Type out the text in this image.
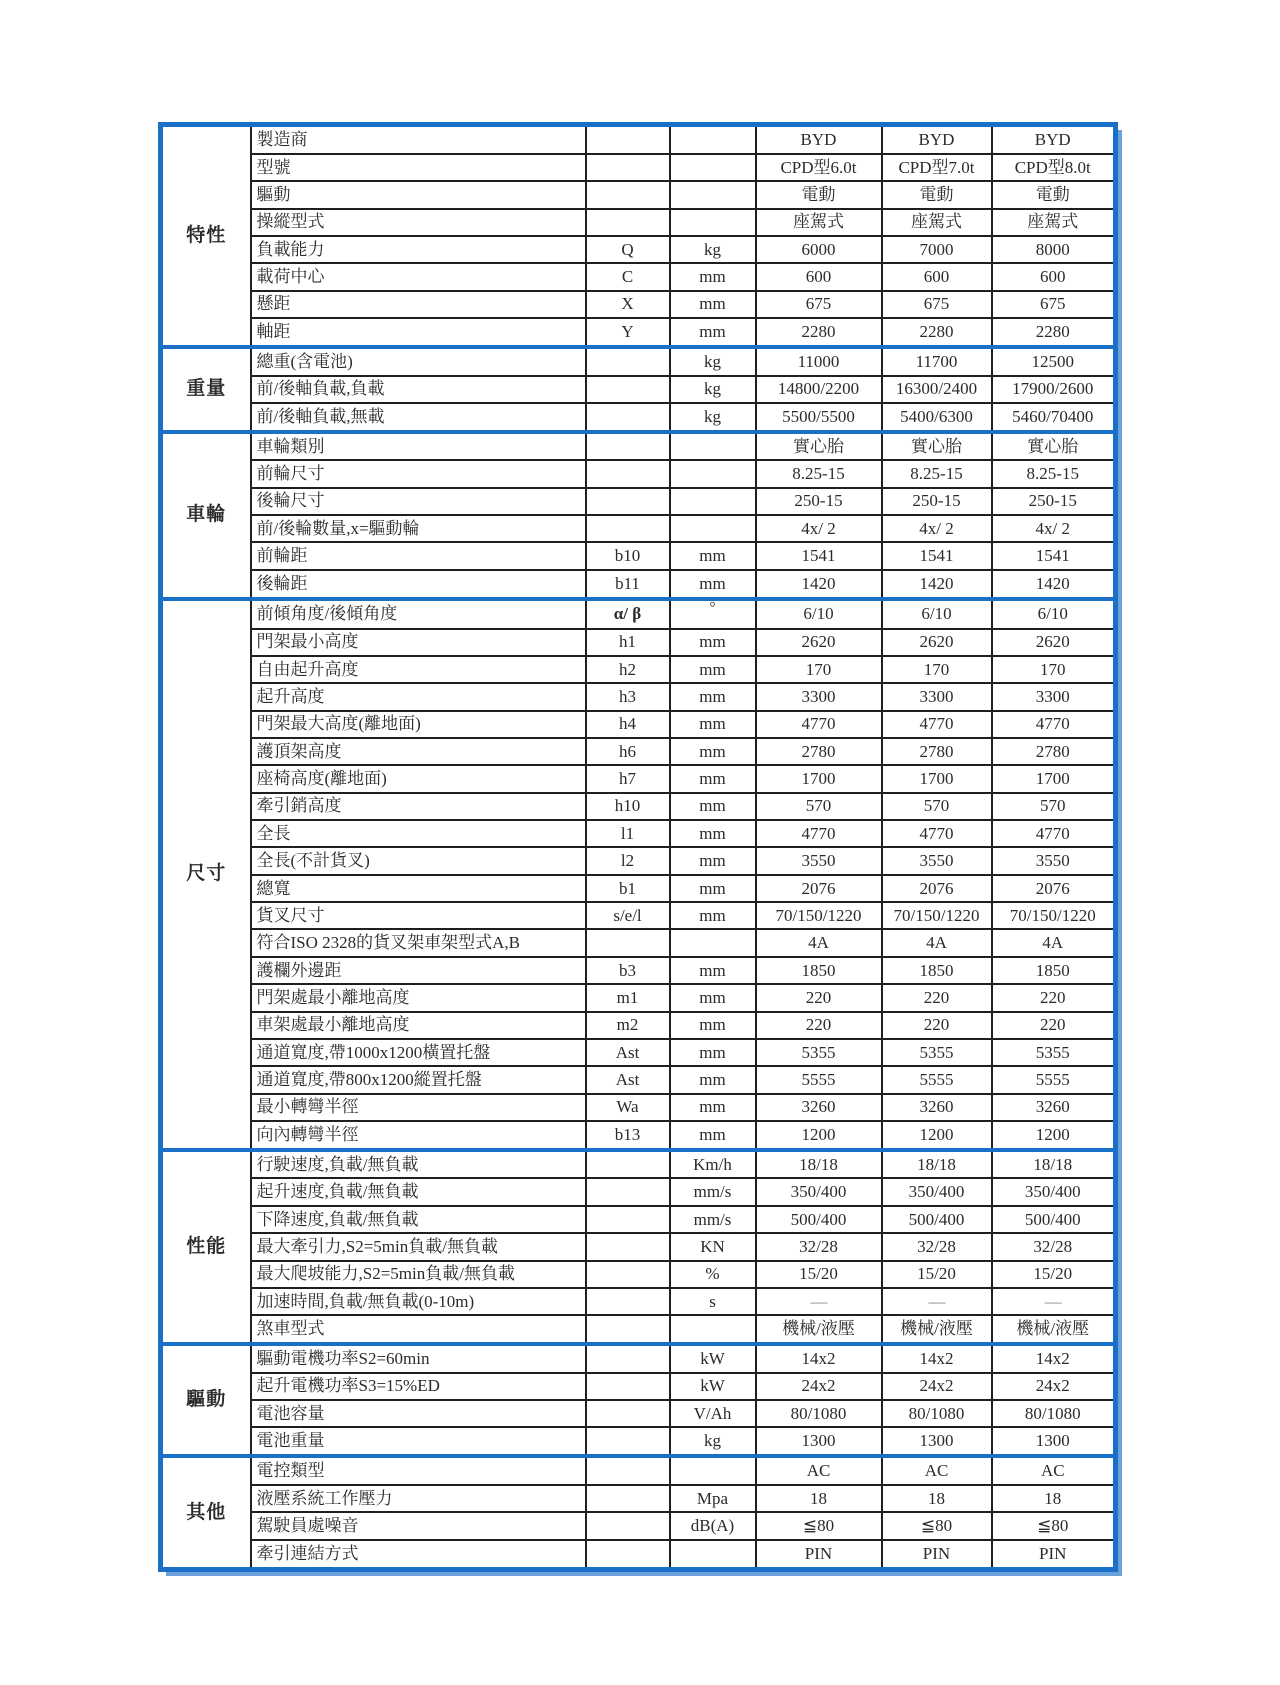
特性	製造商			BYD	BYD	BYD
	型號			CPD型6.0t	CPD型7.0t	CPD型8.0t
	驅動			電動	電動	電動
	操縱型式			座駕式	座駕式	座駕式
	負載能力	Q	kg	6000	7000	8000
	載荷中心	C	mm	600	600	600
	懸距	X	mm	675	675	675
	軸距	Y	mm	2280	2280	2280
重量	總重(含電池)		kg	11000	11700	12500
	前/後軸負載,負載		kg	14800/2200	16300/2400	17900/2600
	前/後軸負載,無載		kg	5500/5500	5400/6300	5460/70400
車輪	車輪類別			實心胎	實心胎	實心胎
	前輪尺寸			8.25-15	8.25-15	8.25-15
	後輪尺寸			250-15	250-15	250-15
	前/後輪數量,x=驅動輪			4x/ 2	4x/ 2	4x/ 2
	前輪距	b10	mm	1541	1541	1541
	後輪距	b11	mm	1420	1420	1420
尺寸	前傾角度/後傾角度	α/ β	°	6/10	6/10	6/10
	門架最小高度	h1	mm	2620	2620	2620
	自由起升高度	h2	mm	170	170	170
	起升高度	h3	mm	3300	3300	3300
	門架最大高度(離地面)	h4	mm	4770	4770	4770
	護頂架高度	h6	mm	2780	2780	2780
	座椅高度(離地面)	h7	mm	1700	1700	1700
	牽引銷高度	h10	mm	570	570	570
	全長	l1	mm	4770	4770	4770
	全長(不計貨叉)	l2	mm	3550	3550	3550
	總寬	b1	mm	2076	2076	2076
	貨叉尺寸	s/e/l	mm	70/150/1220	70/150/1220	70/150/1220
	符合ISO 2328的貨叉架車架型式A,B			4A	4A	4A
	護欄外邊距	b3	mm	1850	1850	1850
	門架處最小離地高度	m1	mm	220	220	220
	車架處最小離地高度	m2	mm	220	220	220
	通道寬度,帶1000x1200橫置托盤	Ast	mm	5355	5355	5355
	通道寬度,帶800x1200縱置托盤	Ast	mm	5555	5555	5555
	最小轉彎半徑	Wa	mm	3260	3260	3260
	向內轉彎半徑	b13	mm	1200	1200	1200
性能	行駛速度,負載/無負載		Km/h	18/18	18/18	18/18
	起升速度,負載/無負載		mm/s	350/400	350/400	350/400
	下降速度,負載/無負載		mm/s	500/400	500/400	500/400
	最大牽引力,S2=5min負載/無負載		KN	32/28	32/28	32/28
	最大爬坡能力,S2=5min負載/無負載		%	15/20	15/20	15/20
	加速時間,負載/無負載(0-10m)		s	—	—	—
	煞車型式			機械/液壓	機械/液壓	機械/液壓
驅動	驅動電機功率S2=60min		kW	14x2	14x2	14x2
	起升電機功率S3=15%ED		kW	24x2	24x2	24x2
	電池容量		V/Ah	80/1080	80/1080	80/1080
	電池重量		kg	1300	1300	1300
其他	電控類型			AC	AC	AC
	液壓系統工作壓力		Mpa	18	18	18
	駕駛員處噪音		dB(A)	≦80	≦80	≦80
	牽引連結方式			PIN	PIN	PIN
